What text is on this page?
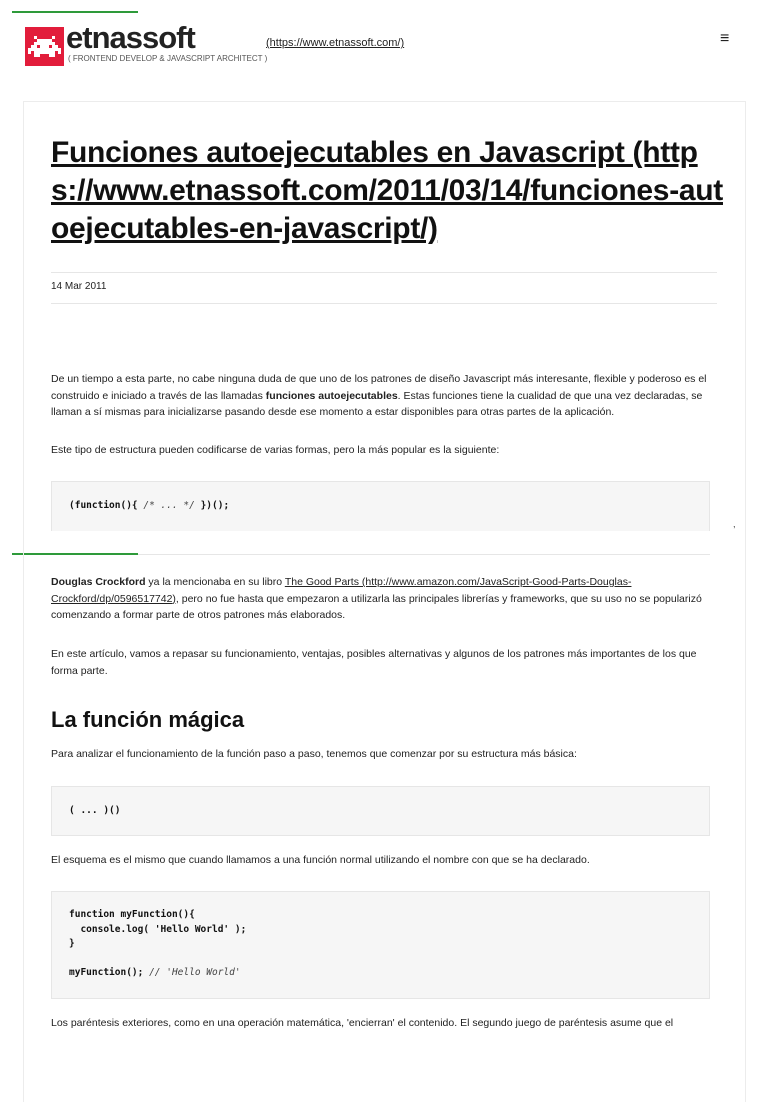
etnassoft
( FRONTEND DEVELOP & JAVASCRIPT ARCHITECT )
(https://www.etnassoft.com/)	≡
Funciones autoejecutables en Javascript (https://www.etnassoft.com/2011/03/14/funciones-autoejecutables-en-javascript/)
14 Mar 2011

De un tiempo a esta parte, no cabe ninguna duda de que uno de los patrones de diseño Javascript más interesante, flexible y poderoso es el construido e iniciado a través de las llamadas funciones autoejecutables. Estas funciones tiene la cualidad de que una vez declaradas, se llaman a sí mismas para inicializarse pasando desde ese momento a estar disponibles para otras partes de la aplicación.

Este tipo de estructura pueden codificarse de varias formas, pero la más popular es la siguiente:

(function(){ /* ... */ })();
,

Douglas Crockford ya la mencionaba en su libro The Good Parts (http://www.amazon.com/JavaScript-Good-Parts-Douglas-Crockford/dp/0596517742), pero no fue hasta que empezaron a utilizarla las principales librerías y frameworks, que su uso no se popularizó comenzando a formar parte de otros patrones más elaborados.

En este artículo, vamos a repasar su funcionamiento, ventajas, posibles alternativas y algunos de los patrones más importantes de los que forma parte.

La función mágica

Para analizar el funcionamiento de la función paso a paso, tenemos que comenzar por su estructura más básica:

( ... )()

El esquema es el mismo que cuando llamamos a una función normal utilizando el nombre con que se ha declarado.

function myFunction(){
console.log( 'Hello World' );
}

myFunction(); // 'Hello World'

Los paréntesis exteriores, como en una operación matemática, 'encierran' el contenido. El segundo juego de paréntesis asume que el
